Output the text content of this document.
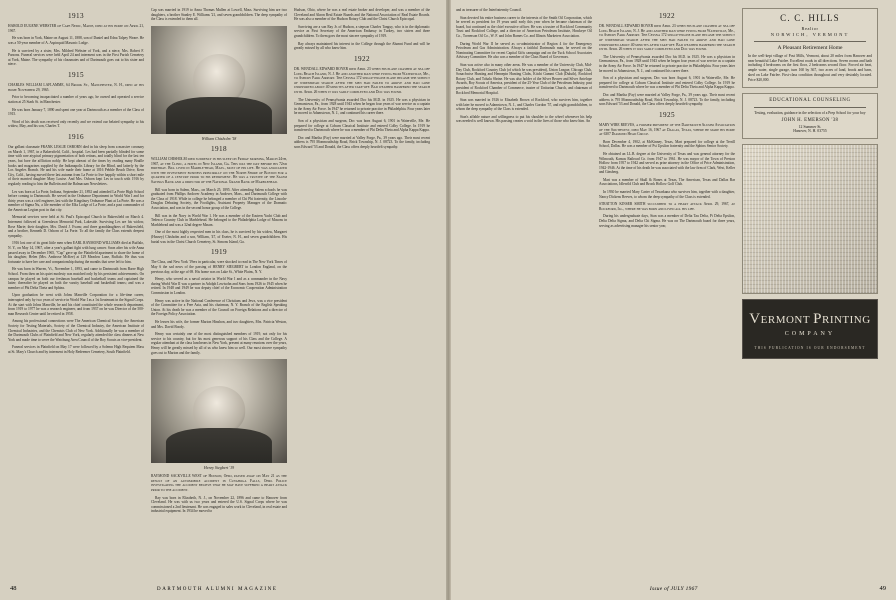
1913

HAROLD EUGENE WEBSTER of Cape Nedic, Maine, died at his home on April 21, 1967.

He was born in York, Maine on August 11, 1888, son of Daniel and Edna Talpey Weare. He was a 50-year member of A. Aspinquid Masonic Lodge.

He is survived by a sister, Mrs. Mildred Webster of York, and a niece, Mrs. Robert F. Parsons. Funeral services were held April 24 and interment was in the First Parish Cemetery at York, Maine. The sympathy of his classmates and of Dartmouth goes out to his sister and niece.

1915

CHARLES WILLIAM LAFLAMME, 64 Brook St., Manchester, N. H., died at his home November 29, 1965.

Prior to becoming incapacitated a number of years ago, he owned and operated a service station at 25 Stark St. in Manchester.

He was born January 7, 1890 and spent one year at Dartmouth as a member of the Class of 1915.

Word of his death was received only recently and we extend our belated sympathy to his widow, May, and his son, Charles T.

1916

Our gallant classmate FRANK LESLIE OSBORN died in his sleep from a massive coronary on March 1, 1967, in a Bakersfield, Calif., hospital. Les had been partially blinded for some time with rare atypical primary pigmentation of both retinas, and totally blind for the last ten years, but bore the affliction nobly. He kept abreast of the times by reading many Braille books and magazines supplied by the Indianapolis Library for the Blind, and latterly by the Los Angeles Branch. He and his wife made their home at 1016 Pebble Beach Drive, Kern City, Calif., having moved there last autumn from La Porte to live happily within a short mile of their married daughter Mary Louise. And Mrs. Osborn kept Les in touch with 1916 by regularly reading to him the Bulletin and the Balmacaan Newsletters.

Les was born at La Porte, Indiana, September 21, 1892 and attended La Porte High School before coming to Dartmouth. He served in the Ordnance Department in World War I and for thirty years was a civil engineer, last with the Kingsbury Ordnance Plant at La Porte. He was a member of Sigma Nu, a life member of the Elks Lodge of La Porte, and a past commander of the American Legion post in that city.

Memorial services were held at St. Paul's Episcopal Church in Bakersfield on March 4. Interment followed at Greenlawn Memorial Park, Lakeside. Surviving Les are his widow, Rose Marie; their daughter, Mrs. David J. Evans; and three granddaughters of Bakersfield, and a brother, Kenneth D. Osborn of La Porte. To all the family the Class extends deepest sympathy.

1916 lost one of its great little men when EARL RAYMOND WILLIAMS died at Buffalo, N. Y., on May 14, 1967, after a year's gallant fight with lung cancer. Soon after his wife Anna passed away in December 1965, "Cap" gave up the Plainfield apartment to share the home of his daughter, Helen (Mrs. Ambrose McKee) at 129 Meadow Lane, Buffalo. He thus was fortunate to have her care and companionship during the months that were left to him.

He was born in Warren, Vt., November 1, 1893, and came to Dartmouth from Barre High School. From then on his quiet modesty was matched only by his persistent achievements. On campus he played on both our freshman baseball and basketball teams and captained the latter; thereafter he played on both the varsity baseball and basketball teams; and was a member of Phi Delta Theta and Sphinx.

Upon graduation he went with Johns Manville Corporation for a life-time career, interrupted only by two years of service in World War I as a 1st lieutenant in the Signal Corps. At the start with Johns Manville, he and his chief constituted the whole research department, from 1919 to 1977 he was a research engineer, and from 1937 on he was Director of the 500-man Research Center until he retired in 1958.

Among his professional connections were The American Chemical Society, the American Society for Testing Materials, Society of the Chemical Industry, the American Institute of Chemical Industries, and the Chemists Club of New York. Additionally he was a member of the Dartmouth Clubs of Plainfield and New York, regularly attended the class dinners at New York and made time to serve the Watchung Area Council of the Boy Scouts as vice-president.

Funeral services in Plainfield on May 17 were followed by a Solemn High Requiem Mass at St. Mary's Church and by interment in Holy Redeemer Cemetery, South Plainfield.

Cap was married in 1919 to Anna Thomas Mullen at Lowell, Mass. Surviving him are two daughters, a brother Stanley E. Williams '21, and seven grandchildren. The deep sympathy of the Class is extended to them all.

William Chisholm '18
1918

WILLIAM CHISHOLM died suddenly in his sleep on Friday morning, March 24th, 1967, at the Clinic, a hotel in New Island, Ga. This was the day before his 72nd birthday. Bill lived in Marble-head, Mass., most of his life. He was associated with the investment business principally on the North Shore of Boston for a quarter of a century prior to his retirement. He was a trustee of the Salem Savings Bank and a director of the National Grand Bank of Marblehead.

Bill was born in Salem, Mass., on March 25, 1895. After attending Salem schools he was graduated from Phillips Andover Academy in Andover, Mass., and Dartmouth College with the Class of 1918. While in college he belonged a member of Chi Phi fraternity, the Lincoln-Douglas Debating Society, the Footlights, Assistant Property Manager of the Dramatic Association, and was in the second honor group of the College.

Bill was in the Navy in World War 1. He was a member of the Eastern Yacht Club and Tedesco Country Club in Marblehead. He belonged to the Philadelphia Lodge of Masons in Marblehead and was a 32nd degree Mason.

One of the most highly respected men in his class, he is survived by his widow, Margaret (Hussey) Chisholm and a son, William, '47, of Exeter, N. H., and seven grandchildren. His burial was in the Christ Church Cemetery, St. Simons Island, Ga.

1919

The Class, and New York '19ers in particular, were shocked to read in The New York Times of May 6 the sad news of the passing of HENRY SIEGBERT in London England, on the previous day, at the age of 69. His home was on Lake St., White Plains, N. Y.

Henry, who served as a naval aviator in World War I and as a commander in the Navy during World War II was a partner in Adolph Lewisohn and Sons from 1926 to 1945 when he retired. In 1948 and 1949 he was deputy chief of the Economic Cooperation Administration Commission in London.

Henry was active in the National Conference of Christians and Jews, was a vice president of the Committee for a Free Asia, and his chairman, N. Y. Branch of the English Speaking Union. At his death he was a member of the Council on Foreign Relations and a director of the Foreign Policy Association.

He leaves his wife, the former Marion Hinshon, and two daughters, Mrs. Patricia Weston, and Mrs. David Boody.

Henry was certainly one of the most distinguished members of 1919, not only for his service to his country, but for his most generous support of his Class and the College. A regular attendant at the class luncheons in New York, present at many reunions over the years, Henry will be greatly missed by all of us who knew him so well. Our most sincere sympathy goes out to Marion and the family.

Henry Siegbert '19

RAYMOND SACKVILLE WEST of Hudson, Ohio, passed away on May 21 as the result of an automobile accident in Cuyahoga Falls, Ohio. Police investigating the accident believe that he may have suffered a heart attack prior to the accident.

Ray was born in Elizabeth, N. J., on November 22, 1896 and came to Hanover from Cleveland. He was with us two years and entered the U.S. Signal Corps where he was commissioned a 2nd lieutenant. He was engaged in sales work in Cleveland, in real estate and industrial equipment. In 1934 he moved to

Hudson, Ohio, where he was a real estate broker and developer, and was a member of the Cleveland and Akron Real Estate Boards and the National Association of Real Estate Boards. He was also a member of the Hudson Rotary Club and the Christ Church Episcopal.

Surviving are a son Ray Jr. of Hudson, a stepson Charles Tanguy, who is in the diplomatic service as First Secretary of the American Embassy in Turkey, two sisters and three grandchildren. To them goes the most sincere sympathy of 1919.

Ray always maintained his interest in the College through the Alumni Fund and will be greatly missed by all who knew him.

1922

DR. WENDALL EDWARD BOYER died April 23 when his plane crashed at sea off Long Beach Island, N. J. He and another man were flying from Waterville, Me., to Asbury Park Airport. The Cessna 172 single-engine plane became the subject of widespread search after the men had failed to arrive and had gone unreported about 40 minutes after take-off. Bad weather hampered the search until April 26 when it was sadly completed and Doc was found.

The University of Pennsylvania awarded Doc his M.D. in 1925. He was a physician in Germantown, Pa., from 1928 until 1943 when he began four years of war service as a captain in the Army Air Force. In 1947 he returned to private practice in Philadelphia. Four years later he moved to Adamstown, N. J., and continued his career there.

Son of a physician and surgeon, Doc was born August 6, 1901 in Waterville, Me. He prepared for college at Coburn Classical Institute and entered Colby College. In 1919 he transferred to Dartmouth where he was a member of Phi Delta Theta and Alpha Kappa Kappa.

Doc and Martha (Fay) were married at Valley Forge, Pa., 39 years ago. Their most recent address is 795 Monmouthship Road, Brick Township, N. J. 08723. To the family, including sons Edward '53 and Donald, the Class offers deeply heartfelt sympathy.

48	DARTMOUTH ALUMNI MAGAZINE

and as treasurer of the Interfraternity Council.

Stan devoted his entire business career to the interests of the Smith Oil Corporation, which he served as president for 19 years until early this year when he became chairman of the board, but continued as the chief executive officer. He was a trustee of Rockford Community Trust and Rockford College, and a director of American Petroleum Institute, Hawkeye Oil Co., Torrenson Oil Co., W. F. and John Barnes Co. and Illinois Marketers Association.

During World War II he served as co-administrator of Region 4 for the Emergency Petroleum and Gas Administration. Always a faithful Dartmouth man, he served on the Nominating Committee for recent Capital Gifts campaign and on the Tuck School Associates Advisory Committee. He also was a member of the Class Board of Governors.

Stan was active also in many other areas. He was a member of the University Club, Mid-Day Club, Rockford Country Club (of which he was president), Union League, Chicago Club, Sonachwise Hunting and Hennepin Hunting Clubs, Kitchi Gammi Club (Duluth), Rockford Rotary Club, and Tohalu Shrine. He was also holder of the Silver Beaver and Silver Antelope Awards, Boy Scouts of America, president of the 25-Year Club of the Petroleum Industry, past president of Rockford Chamber of Commerce, trustee of Unitarian Church, and chairman of Rockford Memorial Hospital.

Stan was married in 1926 to Elizabeth Brown of Rockford, who survives him, together with later he moved to Adamstown, N. J., and Charles Gordon '57, and eight grandchildren, to whom the deep sympathy of the Class is extended.

Stan's affable nature and willingness to put his shoulder to the wheel whenever his help was needed is well known. His passing creates a void in the lives of those who knew him. An

1922

DR. WENDALL EDWARD BOYER died April 23 when his plane crashed at sea off Long Beach Island, N. J. He and another man were flying from Waterville, Me., to Asbury Park Airport. The Cessna 172 single-engine plane became the subject of widespread search after the men had failed to arrive and had gone unreported about 40 minutes after take-off. Bad weather hampered the search until April 26 when it was sadly completed and Doc was found.

The University of Pennsylvania awarded Doc his M.D. in 1925. He was a physician in Germantown, Pa., from 1928 until 1943 when he began four years of war service as a captain in the Army Air Force. In 1947 he returned to private practice in Philadelphia. Four years later he moved to Adamstown, N. J., and continued his career there.

Son of a physician and surgeon, Doc was born August 6, 1901 in Waterville, Me. He prepared for college at Coburn Classical Institute and entered Colby College. In 1919 he transferred to Dartmouth where he was a member of Phi Delta Theta and Alpha Kappa Kappa.

Doc and Martha (Fay) were married at Valley Forge, Pa., 39 years ago. Their most recent address is 795 Monmouthship Road, Brick Township, N. J. 08723. To the family, including sons Edward '53 and Donald, the Class offers deeply heartfelt sympathy.

1925

MARY WIRE REEVES, a former president of the Dartmouth Alumni Association of the Southwest, died May 16, 1967 at Dallas, Texas, where he made his home at 6307 Diamond Head Circle.

Born December 4, 1902, at McKinney, Texas, Mart prepared for college at the Terrill School, Dallas. He was a member of Psi Upsilon fraternity and the Sphinx Senior Society.

He obtained an LL.B. degree at the University of Texas and was general attorney for the Wilmouth, Kansas Railroad Co. from 1947 to 1961. He was mayor of the Town of Preston Hollow from 1957 to 1942 and served as prize attorney in the Office of Price Administration, 1942-1946. At the time of his death he was associated with the law firm of Clark, West, Keller and Ginsberg.

Mart was a member of Skull & Bones at Texas, The American, Texas and Dallas Bar Associations, Idlewild Club and Brook Hollow Golf Club.

In 1930 he married Mary Carter of Texarkana who survives him, together with a daughter, Nancy Dickens Reeves, to whom the deep sympathy of the Class is extended.

STRATTON KINSER SMITH succumbed to a heart attack April 29, 1967, at Rockford, Ill., where he was born and lived all his life.

During his undergraduate days, Stan was a member of Delta Tau Delta, Pi Delta Epsilon, Delta Delta Sigma, and Delta Chi Sigma. He was on The Dartmouth board for three years, serving as advertising manager his senior year,

C. C. HILLS
Realtor
NORWICH, VERMONT
A Pleasant Retirement Home
In the well-kept village of Post Mills, Vermont, about 20 miles from Hanover and near beautiful Lake Fairlee. Excellent roads in all directions. Seven rooms and bath including 4 bedrooms on the first floor, 2 bedrooms second floor. Forced air heat, ample water, single garage, turn 160 by 367, two acres of land, brook and barn, shed on Lake Fairlee. First-class condition throughout and very desirably located. Price $20,000.
EDUCATIONAL COUNSELING
Testing, evaluation, guidance in the selection of a Prep School for your boy
JOHN H. EMERSON '38
12 Summer St.
Hanover, N. H. 03755
VERMONT PRINTING
COMPANY
THIS PUBLICATION IS OUR ENDORSEMENT
Issue of JULY 1967	49
